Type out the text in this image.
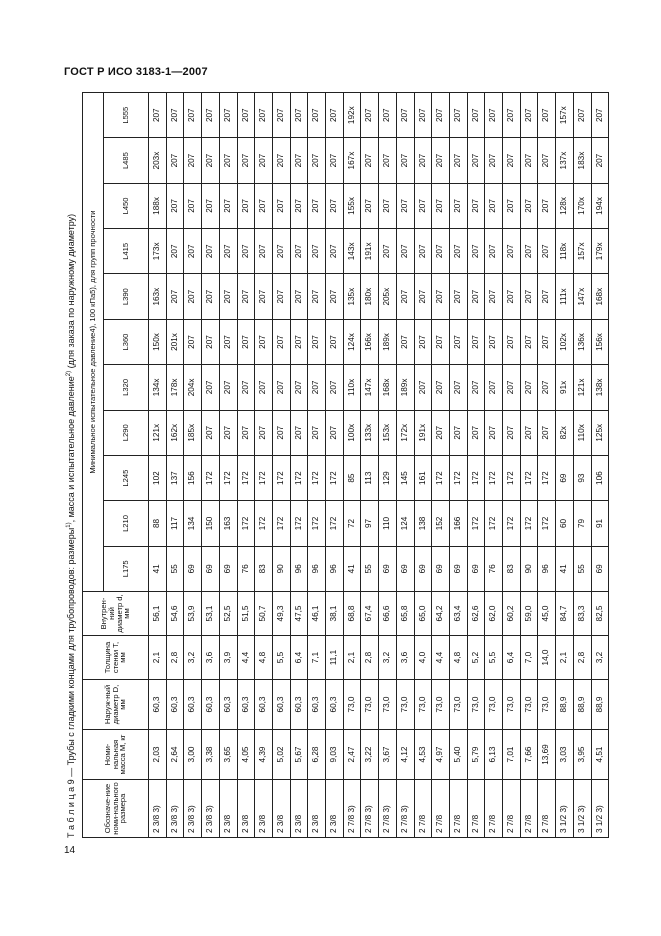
ГОСТ Р ИСО 3183-1—2007
Т а б л и ц а 9 — Трубы с гладкими концами для трубопроводов: размеры$^{1)}$, масса и испытательное давление$^{2)}$ (для заказа по наружному диаметру)
Обозначе-ние номи-нального размера	Номи-нальная масса М, кг	Наруж-ный диаметр D, мм	Толщина стенки T, мм	Внутрен-ний диаметр d, мм	Минимальное испытательное давление4), 100 кПа5), для групп прочности										
					L175	L210	L245	L290	L320	L360	L390	L415	L450	L485	L555
2 3/8 3)	2,03	60,3	2,1	56,1	41	88	102	121x	134x	150x	163x	173x	188x	203x	207
2 3/8 3)	2,64	60,3	2,8	54,6	55	117	137	162x	178x	201x	207	207	207	207	207
2 3/8 3)	3,00	60,3	3,2	53,9	69	134	156	185x	204x	207	207	207	207	207	207
2 3/8 3)	3,38	60,3	3,6	53,1	69	150	172	207	207	207	207	207	207	207	207
2 3/8	3,65	60,3	3,9	52,5	69	163	172	207	207	207	207	207	207	207	207
2 3/8	4,05	60,3	4,4	51,5	76	172	172	207	207	207	207	207	207	207	207
2 3/8	4,39	60,3	4,8	50,7	83	172	172	207	207	207	207	207	207	207	207
2 3/8	5,02	60,3	5,5	49,3	90	172	172	207	207	207	207	207	207	207	207
2 3/8	5,67	60,3	6,4	47,5	96	172	172	207	207	207	207	207	207	207	207
2 3/8	6,28	60,3	7,1	46,1	96	172	172	207	207	207	207	207	207	207	207
2 3/8	9,03	60,3	11,1	38,1	96	172	172	207	207	207	207	207	207	207	207
2 7/8 3)	2,47	73,0	2,1	68,8	41	72	85	100x	110x	124x	135x	143x	155x	167x	192x
2 7/8 3)	3,22	73,0	2,8	67,4	55	97	113	133x	147x	166x	180x	191x	207	207	207
2 7/8 3)	3,67	73,0	3,2	66,6	69	110	129	153x	168x	189x	205x	207	207	207	207
2 7/8 3)	4,12	73,0	3,6	65,8	69	124	145	172x	189x	207	207	207	207	207	207
2 7/8	4,53	73,0	4,0	65,0	69	138	161	191x	207	207	207	207	207	207	207
2 7/8	4,97	73,0	4,4	64,2	69	152	172	207	207	207	207	207	207	207	207
2 7/8	5,40	73,0	4,8	63,4	69	166	172	207	207	207	207	207	207	207	207
2 7/8	5,79	73,0	5,2	62,6	69	172	172	207	207	207	207	207	207	207	207
2 7/8	6,13	73,0	5,5	62,0	76	172	172	207	207	207	207	207	207	207	207
2 7/8	7,01	73,0	6,4	60,2	83	172	172	207	207	207	207	207	207	207	207
2 7/8	7,66	73,0	7,0	59,0	90	172	172	207	207	207	207	207	207	207	207
2 7/8	13,69	73,0	14,0	45,0	96	172	172	207	207	207	207	207	207	207	207
3 1/2 3)	3,03	88,9	2,1	84,7	41	60	69	82x	91x	102x	111x	118x	128x	137x	157x
3 1/2 3)	3,95	88,9	2,8	83,3	55	79	93	110x	121x	136x	147x	157x	170x	183x	207
3 1/2 3)	4,51	88,9	3,2	82,5	69	91	106	125x	138x	156x	168x	179x	194x	207	207
14
